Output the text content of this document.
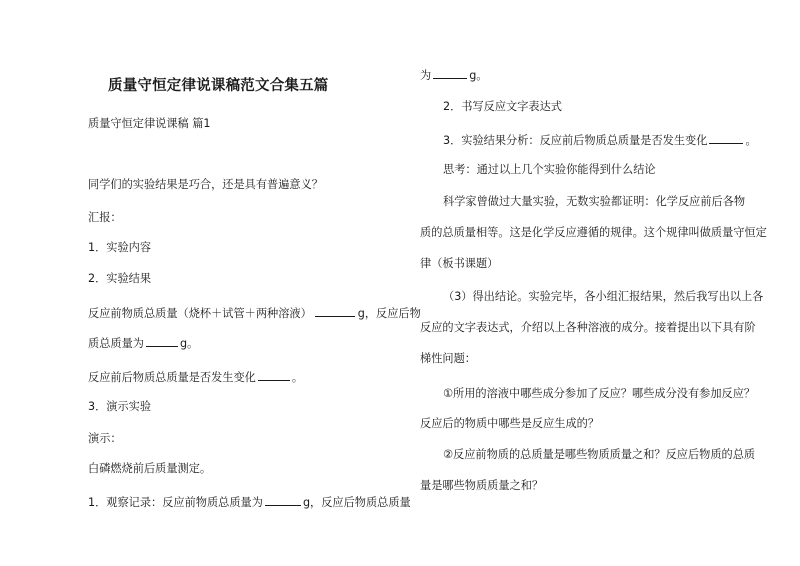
质量守恒定律说课稿范文合集五篇
质量守恒定律说课稿 篇1
同学们的实验结果是巧合，还是具有普遍意义？
汇报：
1．实验内容
2．实验结果
反应前物质总质量（烧杯＋试管＋两种溶液）	g，反应后物
质总质量为	g。
反应前后物质总质量是否发生变化	。
3．演示实验
演示：
白磷燃烧前后质量测定。
1．观察记录：反应前物质总质量为	g，反应后物质总质量
为	g。
2．书写反应文字表达式
3．实验结果分析：反应前后物质总质量是否发生变化	。
思考：通过以上几个实验你能得到什么结论
科学家曾做过大量实验，无数实验都证明：化学反应前后各物
质的总质量相等。这是化学反应遵循的规律。这个规律叫做质量守恒定
律（板书课题）
（3）得出结论。实验完毕，各小组汇报结果，然后我写出以上各
反应的文字表达式，介绍以上各种溶液的成分。接着提出以下具有阶
梯性问题：
①所用的溶液中哪些成分参加了反应？哪些成分没有参加反应？
反应后的物质中哪些是反应生成的？
②反应前物质的总质量是哪些物质质量之和？反应后物质的总质
量是哪些物质质量之和？
